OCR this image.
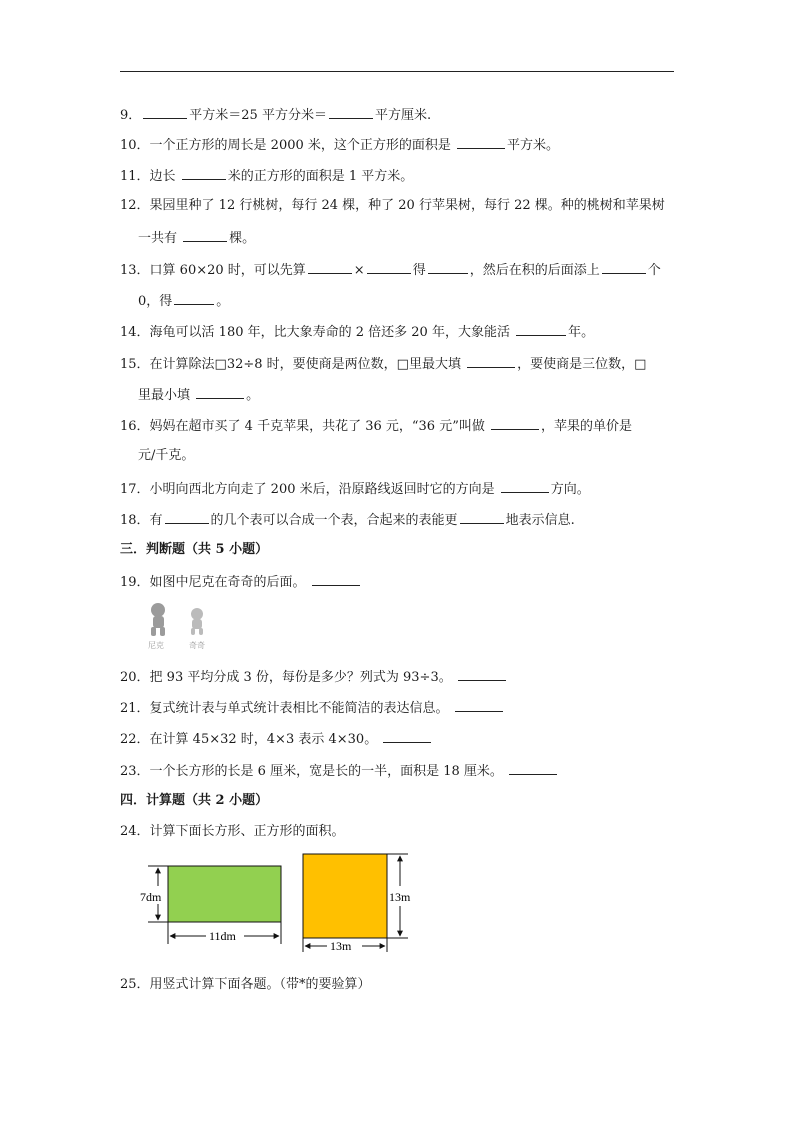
9．	平方米＝25 平方分米＝	平方厘米.
10．一个正方形的周长是 2000 米，这个正方形的面积是	平方米。
11．边长	米的正方形的面积是 1 平方米。
12．果园里种了 12 行桃树，每行 24 棵，种了 20 行苹果树，每行 22 棵。种的桃树和苹果树
一共有	棵。
13．口算 60×20 时，可以先算	×	得	，然后在积的后面添上	个
0，得	。
14．海龟可以活 180 年，比大象寿命的 2 倍还多 20 年，大象能活	年。
15．在计算除法□32÷8 时，要使商是两位数，□里最大填	，要使商是三位数，□
里最小填	。
16．妈妈在超市买了 4 千克苹果，共花了 36 元，“36 元”叫做	，苹果的单价是
元/千克。
17．小明向西北方向走了 200 米后，沿原路线返回时它的方向是	方向。
18．有	的几个表可以合成一个表，合起来的表能更	地表示信息.
三．判断题（共 5 小题）
19．如图中尼克在奇奇的后面。
尼克	奇奇
20．把 93 平均分成 3 份，每份是多少？列式为 93÷3。
21．复式统计表与单式统计表相比不能简洁的表达信息。
22．在计算 45×32 时，4×3 表示 4×30。
23．一个长方形的长是 6 厘米，宽是长的一半，面积是 18 厘米。
四．计算题（共 2 小题）
24．计算下面长方形、正方形的面积。
7dm
11dm
13m
13m
25．用竖式计算下面各题。（带*的要验算）
